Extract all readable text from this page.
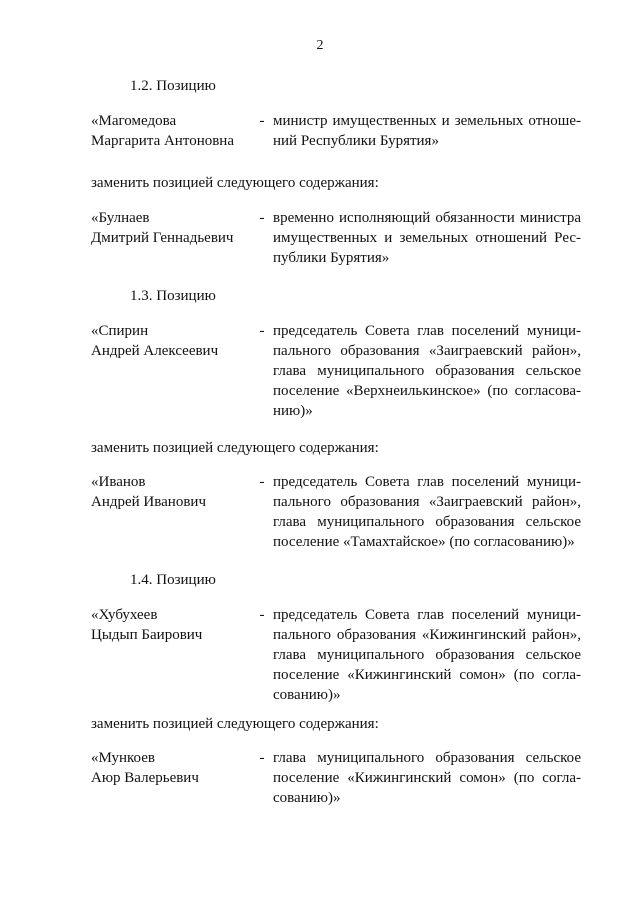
2
1.2. Позицию
«Магомедова
Маргарита Антоновна
- министр имущественных и земельных отноше-
ний Республики Бурятия»
заменить позицией следующего содержания:
«Булнаев
Дмитрий Геннадьевич
- временно исполняющий обязанности министра
имущественных и земельных отношений Рес-
публики Бурятия»
1.3. Позицию
«Спирин
Андрей Алексеевич
- председатель Совета глав поселений муници-
пального образования «Заиграевский район»,
глава муниципального образования сельское
поселение «Верхнеилькинское» (по согласова-
нию)»
заменить позицией следующего содержания:
«Иванов
Андрей Иванович
- председатель Совета глав поселений муници-
пального образования «Заиграевский район»,
глава муниципального образования сельское
поселение «Тамахтайское» (по согласованию)»
1.4. Позицию
«Хубухеев
Цыдып Баирович
- председатель Совета глав поселений муници-
пального образования «Кижингинский район»,
глава муниципального образования сельское
поселение «Кижингинский сомон» (по согла-
сованию)»
заменить позицией следующего содержания:
«Мункоев
Аюр Валерьевич
- глава муниципального образования сельское
поселение «Кижингинский сомон» (по согла-
сованию)»
